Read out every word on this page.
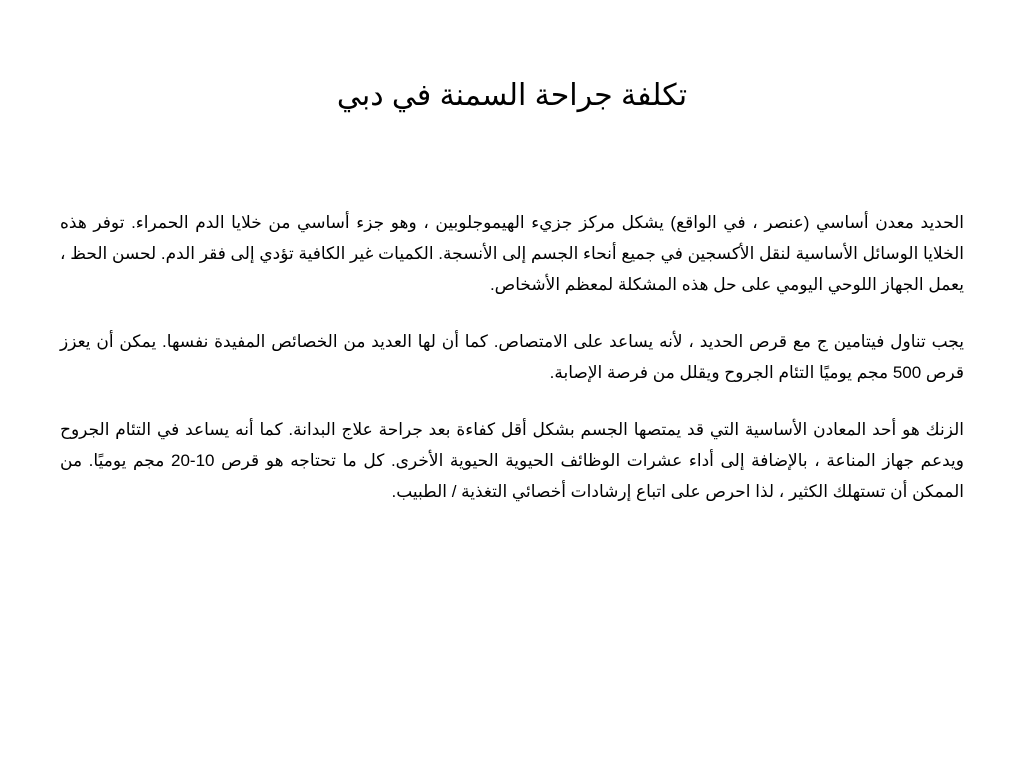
تكلفة جراحة السمنة في دبي

الحديد معدن أساسي (عنصر ، في الواقع) يشكل مركز جزيء الهيموجلوبين ، وهو جزء أساسي من خلايا الدم الحمراء. توفر هذه الخلايا الوسائل الأساسية لنقل الأكسجين في جميع أنحاء الجسم إلى الأنسجة. الكميات غير الكافية تؤدي إلى فقر الدم. لحسن الحظ ، يعمل الجهاز اللوحي اليومي على حل هذه المشكلة لمعظم الأشخاص.

يجب تناول فيتامين ج مع قرص الحديد ، لأنه يساعد على الامتصاص. كما أن لها العديد من الخصائص المفيدة نفسها. يمكن أن يعزز قرص 500 مجم يوميًا التئام الجروح ويقلل من فرصة الإصابة.

الزنك هو أحد المعادن الأساسية التي قد يمتصها الجسم بشكل أقل كفاءة بعد جراحة علاج البدانة. كما أنه يساعد في التئام الجروح ويدعم جهاز المناعة ، بالإضافة إلى أداء عشرات الوظائف الحيوية الحيوية الأخرى. كل ما تحتاجه هو قرص 10-20 مجم يوميًا. من الممكن أن تستهلك الكثير ، لذا احرص على اتباع إرشادات أخصائي التغذية / الطبيب.
